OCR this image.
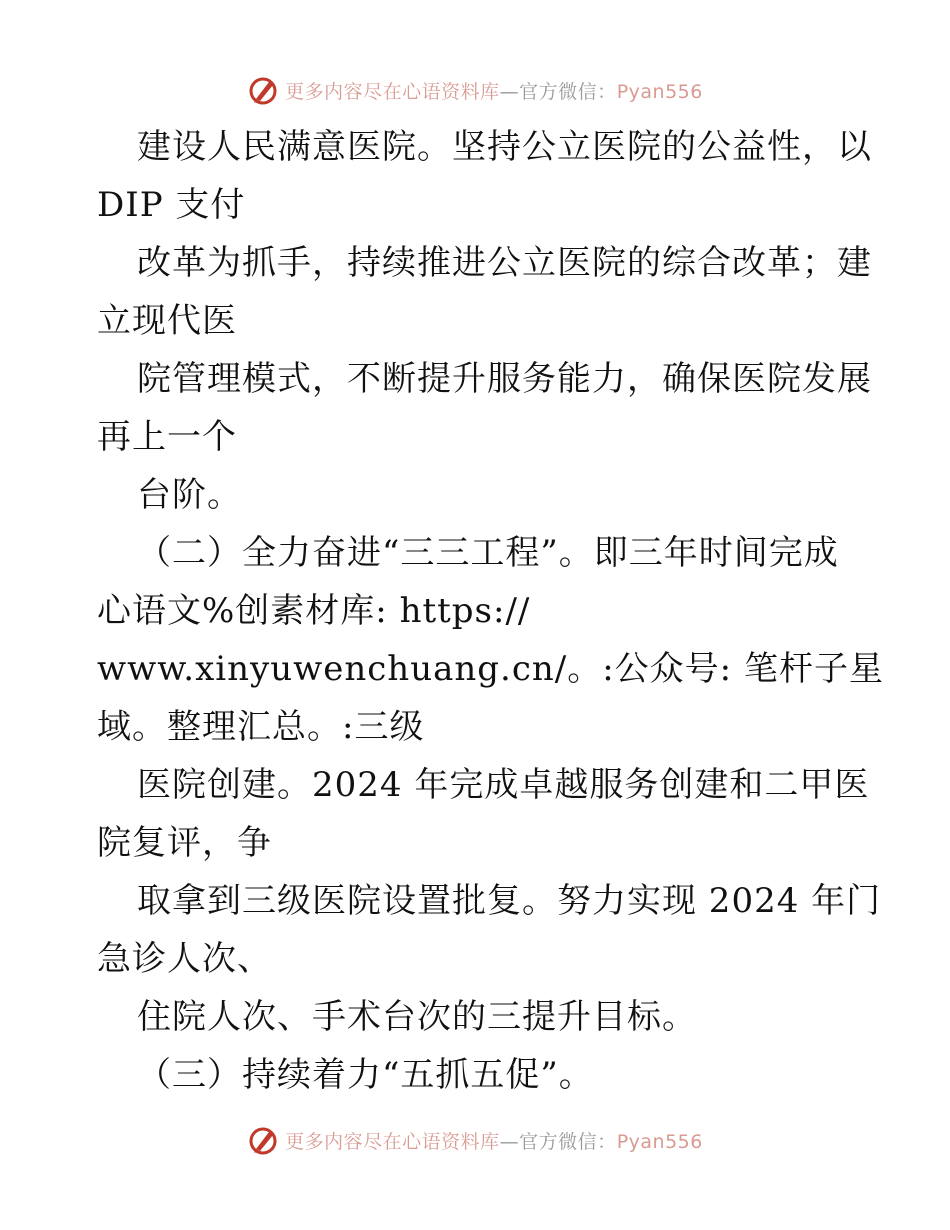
更多内容尽在心语资料库—官方微信：Pyan556
建设人民满意医院。坚持公立医院的公益性，以
DIP 支付
改革为抓手，持续推进公立医院的综合改革；建
立现代医
院管理模式，不断提升服务能力，确保医院发展
再上一个
台阶。
（二）全力奋进“三三工程”。即三年时间完成
心语文%创素材库: https://
www.xinyuwenchuang.cn/。:公众号: 笔杆子星
域。整理汇总。:三级
医院创建。2024 年完成卓越服务创建和二甲医
院复评，争
取拿到三级医院设置批复。努力实现 2024 年门
急诊人次、
住院人次、手术台次的三提升目标。
（三）持续着力“五抓五促”。
更多内容尽在心语资料库—官方微信：Pyan556
